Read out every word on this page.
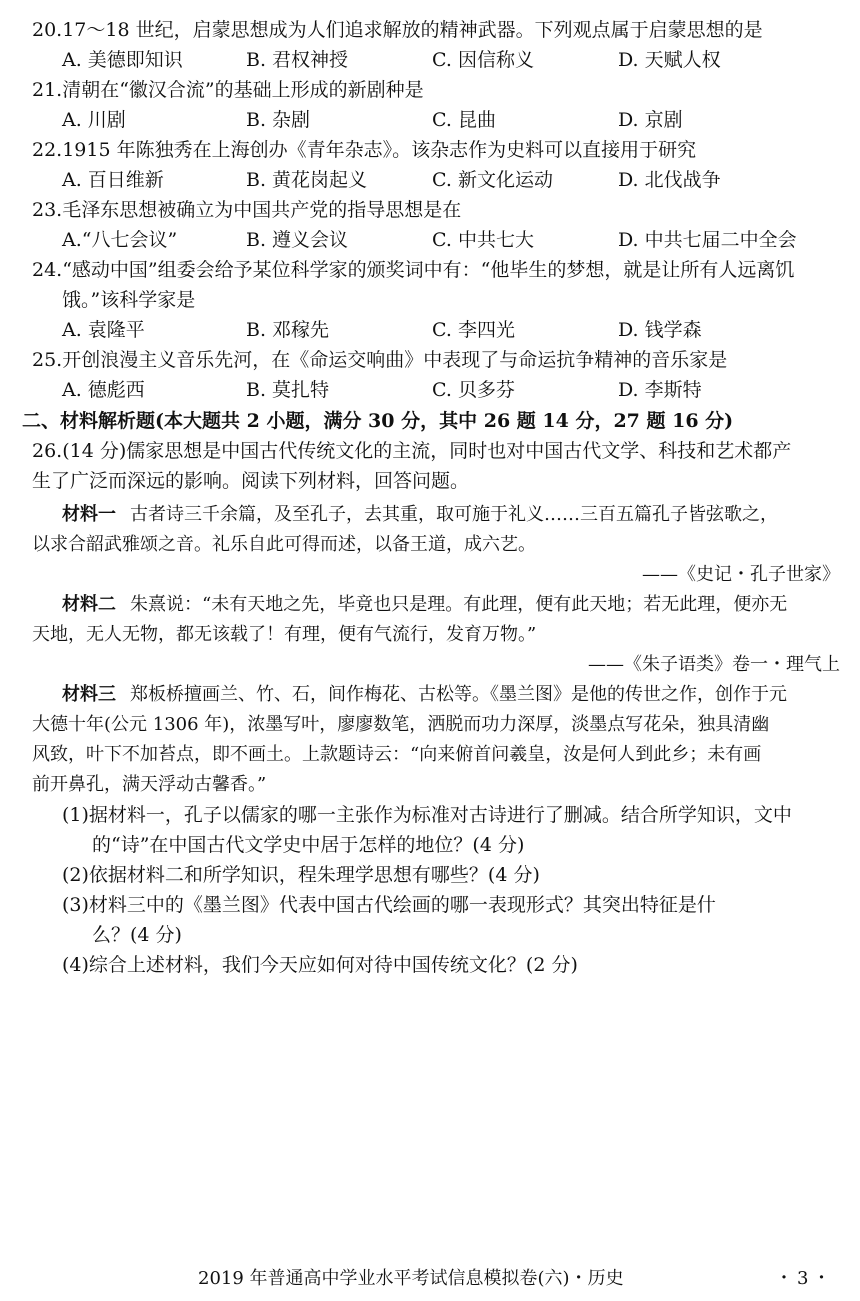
20.17～18 世纪，启蒙思想成为人们追求解放的精神武器。下列观点属于启蒙思想的是
A. 美德即知识	B. 君权神授	C. 因信称义	D. 天赋人权
21.清朝在“徽汉合流”的基础上形成的新剧种是
A. 川剧	B. 杂剧	C. 昆曲	D. 京剧
22.1915 年陈独秀在上海创办《青年杂志》。该杂志作为史料可以直接用于研究
A. 百日维新	B. 黄花岗起义	C. 新文化运动	D. 北伐战争
23.毛泽东思想被确立为中国共产党的指导思想是在
A.“八七会议”	B. 遵义会议	C. 中共七大	D. 中共七届二中全会
24.“感动中国”组委会给予某位科学家的颁奖词中有：“他毕生的梦想，就是让所有人远离饥
饿。”该科学家是
A. 袁隆平	B. 邓稼先	C. 李四光	D. 钱学森
25.开创浪漫主义音乐先河，在《命运交响曲》中表现了与命运抗争精神的音乐家是
A. 德彪西	B. 莫扎特	C. 贝多芬	D. 李斯特
二、材料解析题(本大题共 2 小题，满分 30 分，其中 26 题 14 分，27 题 16 分)
26.(14 分)儒家思想是中国古代传统文化的主流，同时也对中国古代文学、科技和艺术都产
生了广泛而深远的影响。阅读下列材料，回答问题。
材料一 古者诗三千余篇，及至孔子，去其重，取可施于礼义……三百五篇孔子皆弦歌之，
以求合韶武雅颂之音。礼乐自此可得而述，以备王道，成六艺。
——《史记・孔子世家》
材料二 朱熹说：“未有天地之先，毕竟也只是理。有此理，便有此天地；若无此理，便亦无
天地，无人无物，都无该载了！有理，便有气流行，发育万物。”
——《朱子语类》卷一・理气上
材料三 郑板桥擅画兰、竹、石，间作梅花、古松等。《墨兰图》是他的传世之作，创作于元
大德十年(公元 1306 年)，浓墨写叶，廖廖数笔，洒脱而功力深厚，淡墨点写花朵，独具清幽
风致，叶下不加苔点，即不画土。上款题诗云：“向来俯首问羲皇，汝是何人到此乡；未有画
前开鼻孔，满天浮动古馨香。”
(1)据材料一，孔子以儒家的哪一主张作为标准对古诗进行了删减。结合所学知识，文中
的“诗”在中国古代文学史中居于怎样的地位？(4 分)
(2)依据材料二和所学知识，程朱理学思想有哪些？(4 分)
(3)材料三中的《墨兰图》代表中国古代绘画的哪一表现形式？其突出特征是什
么？(4 分)
(4)综合上述材料，我们今天应如何对待中国传统文化？(2 分)
2019 年普通高中学业水平考试信息模拟卷(六)・历史	・3・
